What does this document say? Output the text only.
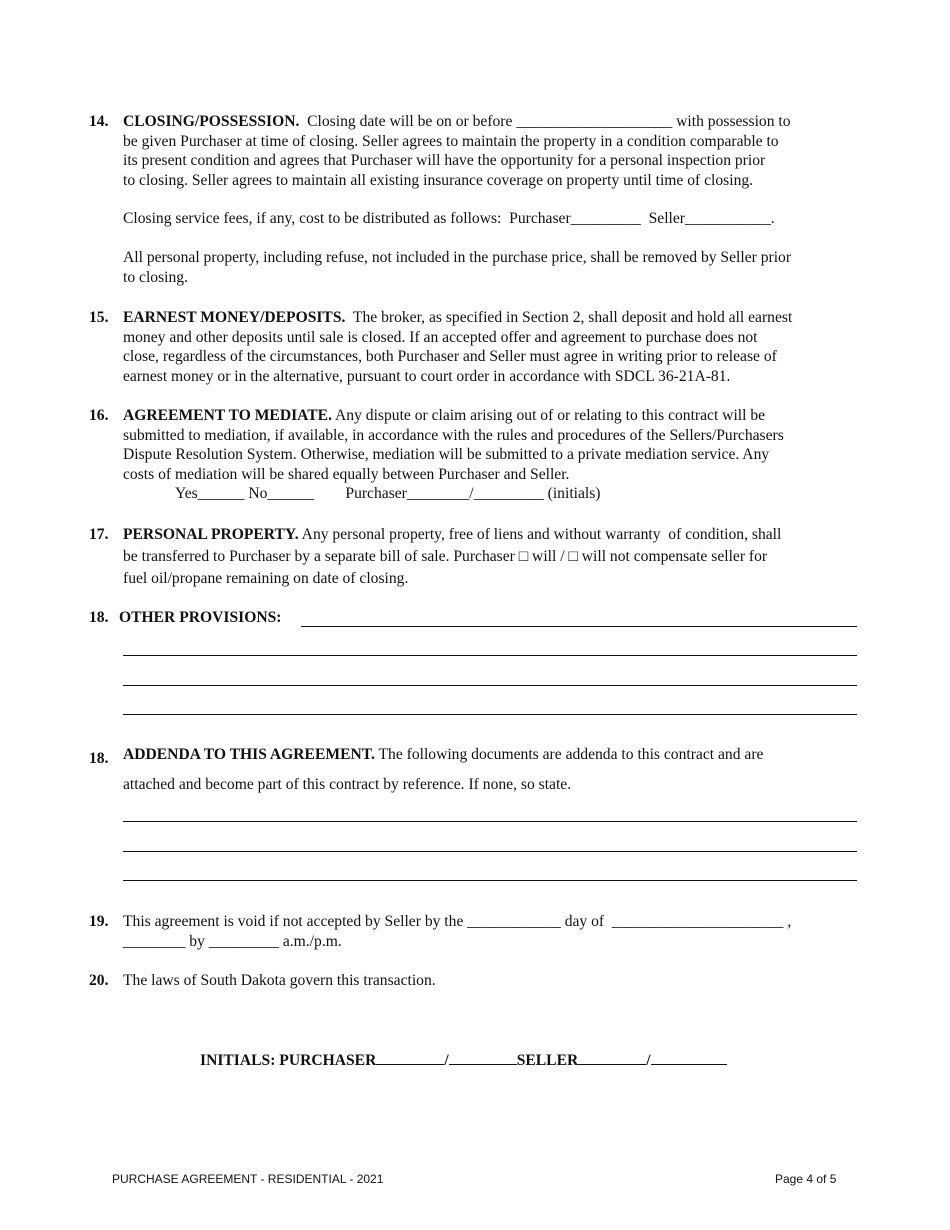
14. CLOSING/POSSESSION.  Closing date will be on or before ____________________ with possession to
be given Purchaser at time of closing. Seller agrees to maintain the property in a condition comparable to
its present condition and agrees that Purchaser will have the opportunity for a personal inspection prior
to closing. Seller agrees to maintain all existing insurance coverage on property until time of closing.

Closing service fees, if any, cost to be distributed as follows:  Purchaser_________  Seller___________.

All personal property, including refuse, not included in the purchase price, shall be removed by Seller prior
to closing.

15. EARNEST MONEY/DEPOSITS.  The broker, as specified in Section 2, shall deposit and hold all earnest
money and other deposits until sale is closed. If an accepted offer and agreement to purchase does not
close, regardless of the circumstances, both Purchaser and Seller must agree in writing prior to release of
earnest money or in the alternative, pursuant to court order in accordance with SDCL 36-21A-81.

16. AGREEMENT TO MEDIATE. Any dispute or claim arising out of or relating to this contract will be
submitted to mediation, if available, in accordance with the rules and procedures of the Sellers/Purchasers
Dispute Resolution System. Otherwise, mediation will be submitted to a private mediation service. Any
costs of mediation will be shared equally between Purchaser and Seller.
Yes______ No______        Purchaser________/_________ (initials)

17. PERSONAL PROPERTY. Any personal property, free of liens and without warranty  of condition, shall
be transferred to Purchaser by a separate bill of sale. Purchaser □ will / □ will not compensate seller for
fuel oil/propane remaining on date of closing.

18. OTHER PROVISIONS:
18. ADDENDA TO THIS AGREEMENT. The following documents are addenda to this contract and are
attached and become part of this contract by reference. If none, so state.

19. This agreement is void if not accepted by Seller by the ____________ day of  ______________________ ,
________ by _________ a.m./p.m.

20. The laws of South Dakota govern this transaction.

INITIALS: PURCHASER	/	SELLER	/
PURCHASE AGREEMENT - RESIDENTIAL - 2021	Page 4 of 5
